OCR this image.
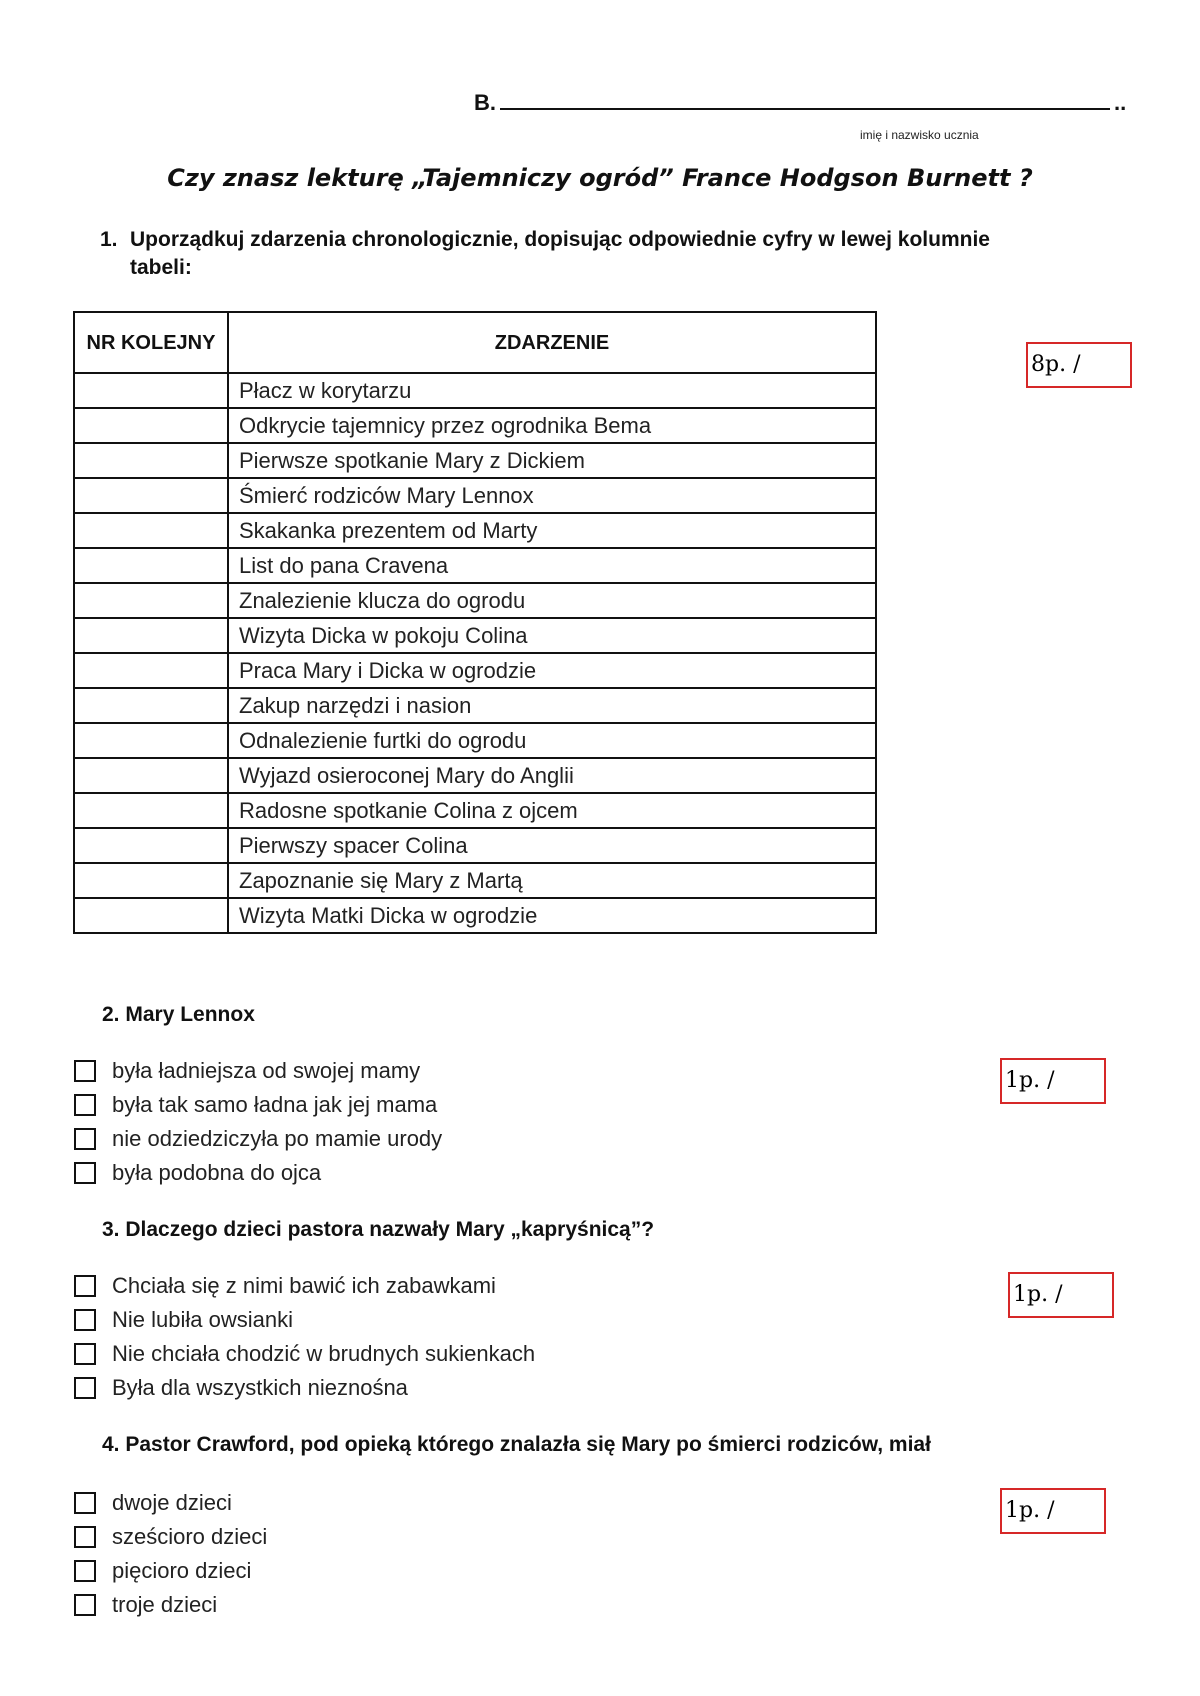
B.	..
imię i nazwisko ucznia
Czy znasz lekturę „Tajemniczy ogród” France Hodgson Burnett ?
1. Uporządkuj zdarzenia chronologicznie, dopisując odpowiednie cyfry w lewej kolumnie
tabeli:
NR KOLEJNY	ZDARZENIE
	Płacz w korytarzu
	Odkrycie tajemnicy przez ogrodnika Bema
	Pierwsze spotkanie Mary z Dickiem
	Śmierć rodziców Mary Lennox
	Skakanka prezentem od Marty
	List do pana Cravena
	Znalezienie klucza do ogrodu
	Wizyta Dicka w pokoju Colina
	Praca Mary i Dicka w ogrodzie
	Zakup narzędzi i nasion
	Odnalezienie furtki do ogrodu
	Wyjazd osieroconej Mary do Anglii
	Radosne spotkanie Colina z ojcem
	Pierwszy spacer Colina
	Zapoznanie się Mary z Martą
	Wizyta Matki Dicka w ogrodzie
8p. /
2. Mary Lennox
1p. /
była ładniejsza od swojej mamy
była tak samo ładna jak jej mama
nie odziedziczyła po mamie urody
była podobna do ojca
3. Dlaczego dzieci pastora nazwały Mary „kapryśnicą”?
1p. /
Chciała się z nimi bawić ich zabawkami
Nie lubiła owsianki
Nie chciała chodzić w brudnych sukienkach
Była dla wszystkich nieznośna
4. Pastor Crawford, pod opieką którego znalazła się Mary po śmierci rodziców, miał
1p. /
dwoje dzieci
sześcioro dzieci
pięcioro dzieci
troje dzieci
